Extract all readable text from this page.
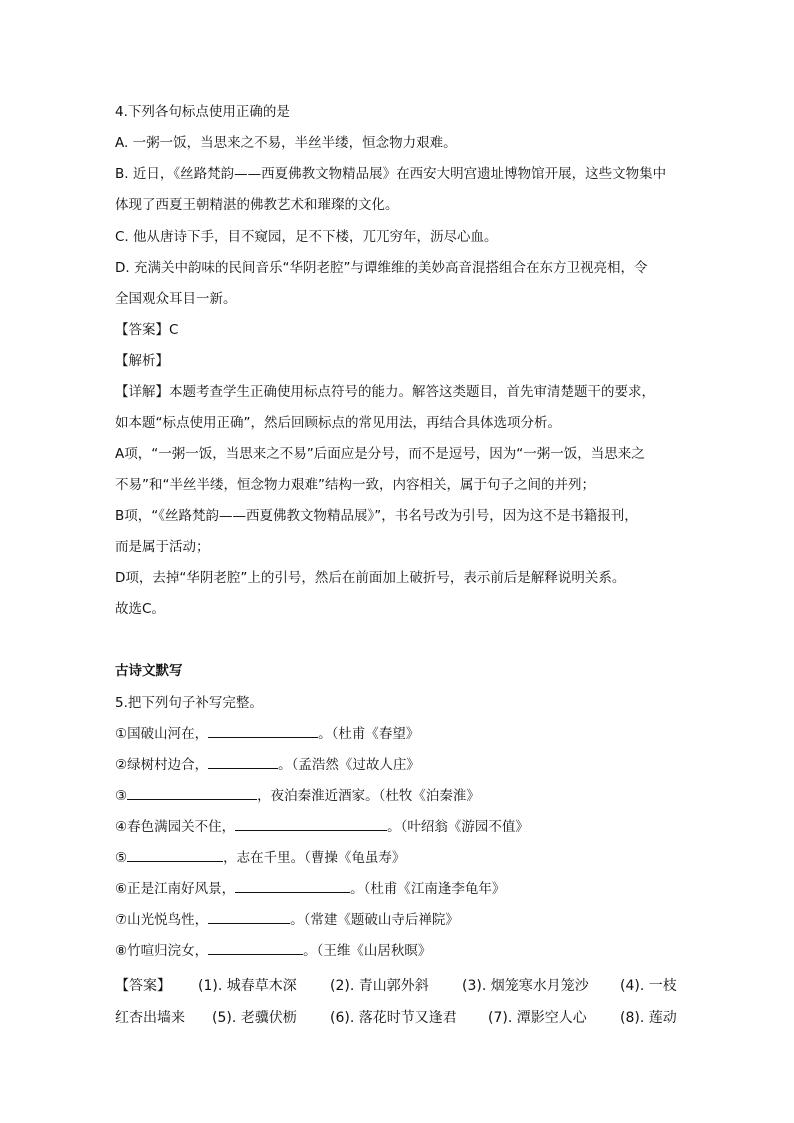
4.下列各句标点使用正确的是
A. 一粥一饭，当思来之不易，半丝半缕，恒念物力艰难。
B. 近日，《丝路梵韵——西夏佛教文物精品展》在西安大明宫遗址博物馆开展，这些文物集中
体现了西夏王朝精湛的佛教艺术和璀璨的文化。
C. 他从唐诗下手，目不窥园，足不下楼，兀兀穷年，沥尽心血。
D. 充满关中韵味的民间音乐“华阴老腔”与谭维维的美妙高音混搭组合在东方卫视亮相，令
全国观众耳目一新。
【答案】C
【解析】
【详解】本题考查学生正确使用标点符号的能力。解答这类题目，首先审清楚题干的要求，
如本题“标点使用正确”，然后回顾标点的常见用法，再结合具体选项分析。
A项，“一粥一饭，当思来之不易”后面应是分号，而不是逗号，因为“一粥一饭，当思来之
不易”和“半丝半缕，恒念物力艰难”结构一致，内容相关，属于句子之间的并列；
B项，“《丝路梵韵——西夏佛教文物精品展》”，书名号改为引号，因为这不是书籍报刊，
而是属于活动；
D项，去掉“华阴老腔”上的引号，然后在前面加上破折号，表示前后是解释说明关系。
故选C。
古诗文默写
5.把下列句子补写完整。
①国破山河在，	。（杜甫《春望》
②绿树村边合，	。（孟浩然《过故人庄》
③	，夜泊秦淮近酒家。（杜牧《泊秦淮》
④春色满园关不住，	。（叶绍翁《游园不值》
⑤	，志在千里。（曹操《龟虽寿》
⑥正是江南好风景，	。（杜甫《江南逢李龟年》
⑦山光悦鸟性，	。（常建《题破山寺后禅院》
⑧竹喧归浣女，	。（王维《山居秋暝》
【答案】 (1). 城春草木深 (2). 青山郭外斜 (3). 烟笼寒水月笼沙 (4). 一枝
红杏出墙来 (5). 老骥伏枥 (6). 落花时节又逢君 (7). 潭影空人心 (8). 莲动
